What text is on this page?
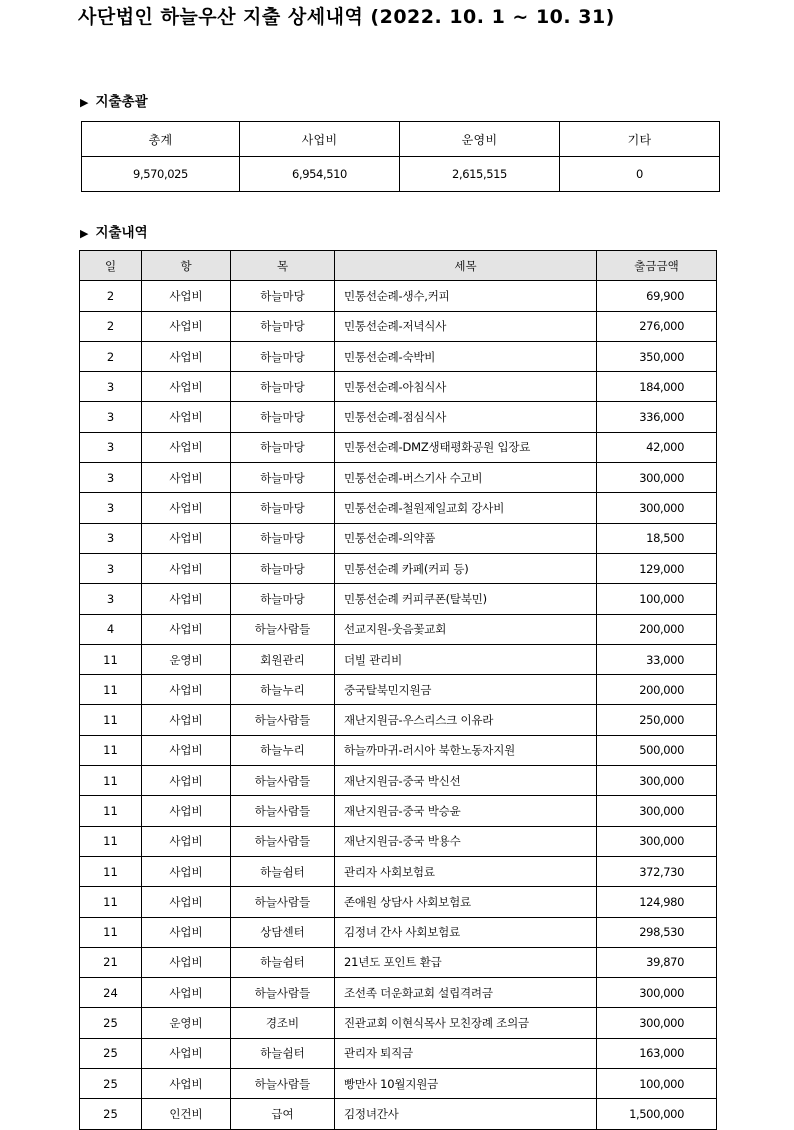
사단법인 하늘우산 지출 상세내역 (2022. 10. 1 ~ 10. 31)
▶ 지출총괄
총계	사업비	운영비	기타
9,570,025	6,954,510	2,615,515	0
▶ 지출내역
일	항	목	세목	출금금액
2	사업비	하늘마당	민통선순례-생수,커피	69,900
2	사업비	하늘마당	민통선순례-저녁식사	276,000
2	사업비	하늘마당	민통선순례-숙박비	350,000
3	사업비	하늘마당	민통선순례-아침식사	184,000
3	사업비	하늘마당	민통선순례-점심식사	336,000
3	사업비	하늘마당	민통선순례-DMZ생태평화공원 입장료	42,000
3	사업비	하늘마당	민통선순례-버스기사 수고비	300,000
3	사업비	하늘마당	민통선순례-철원제일교회 강사비	300,000
3	사업비	하늘마당	민통선순례-의약품	18,500
3	사업비	하늘마당	민통선순례 카페(커피 등)	129,000
3	사업비	하늘마당	민통선순례 커피쿠폰(탈북민)	100,000
4	사업비	하늘사람들	선교지원-웃음꽃교회	200,000
11	운영비	회원관리	더빌 관리비	33,000
11	사업비	하늘누리	중국탈북민지원금	200,000
11	사업비	하늘사람들	재난지원금-우스리스크 이유라	250,000
11	사업비	하늘누리	하늘까마귀-러시아 북한노동자지원	500,000
11	사업비	하늘사람들	재난지원금-중국 박신선	300,000
11	사업비	하늘사람들	재난지원금-중국 박승윤	300,000
11	사업비	하늘사람들	재난지원금-중국 박용수	300,000
11	사업비	하늘쉼터	관리자 사회보험료	372,730
11	사업비	하늘사람들	존애원 상담사 사회보험료	124,980
11	사업비	상담센터	김정녀 간사 사회보험료	298,530
21	사업비	하늘쉼터	21년도 포인트 환급	39,870
24	사업비	하늘사람들	조선족 더운화교회 설립격려금	300,000
25	운영비	경조비	진관교회 이현식목사 모친장례 조의금	300,000
25	사업비	하늘쉼터	관리자 퇴직금	163,000
25	사업비	하늘사람들	빵만사 10월지원금	100,000
25	인건비	급여	김정녀간사	1,500,000
